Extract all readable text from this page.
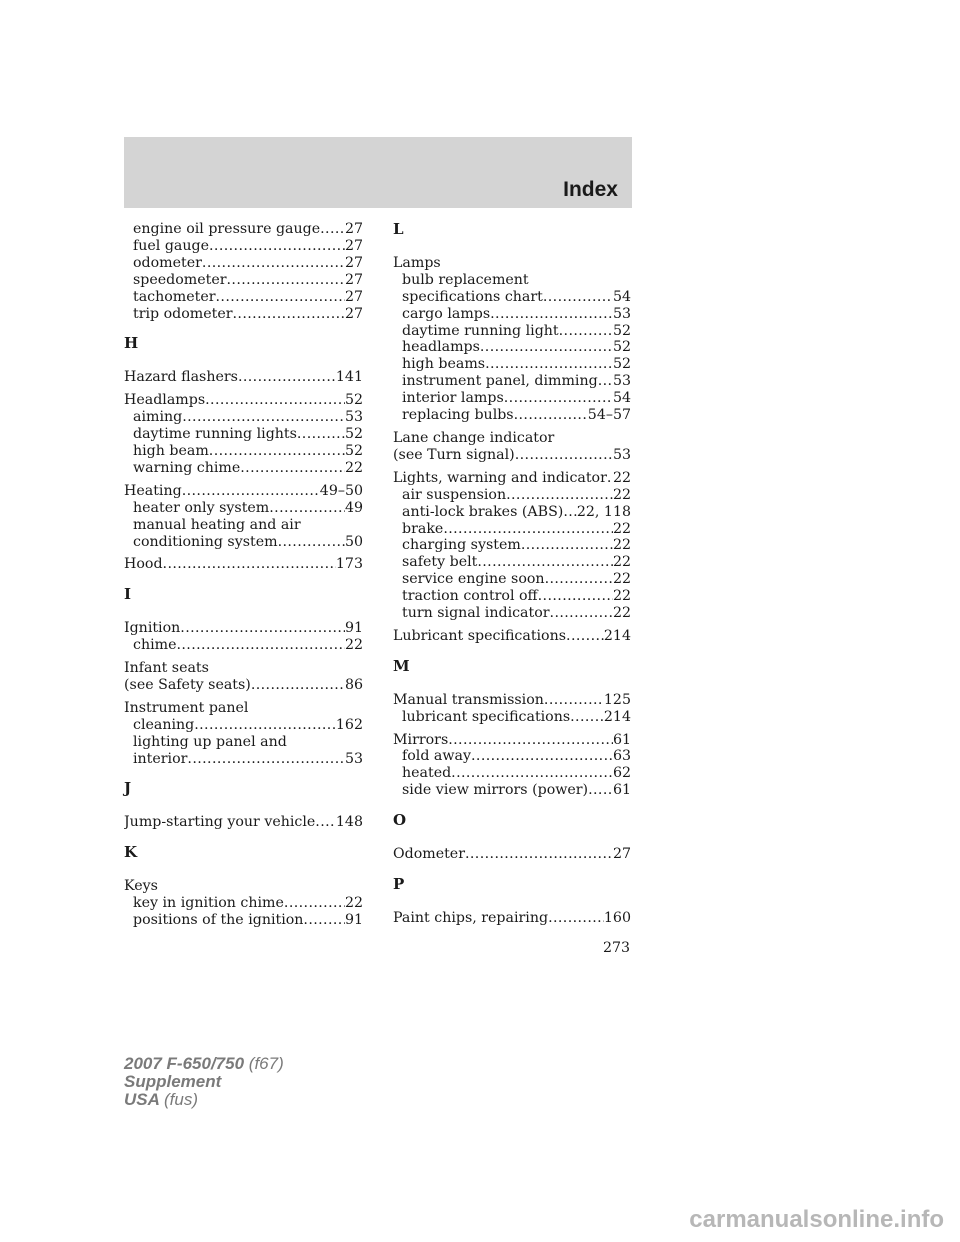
Index
engine oil pressure gauge ..... 27
fuel gauge .....	27
odometer .....	27
speedometer .....	27
tachometer .....	27
trip odometer .....	27
H
Hazard flashers .....	141
Headlamps .....	52
aiming .....	53
daytime running lights .....	52
high beam .....	52
warning chime .....	22
Heating .....	49–50
heater only system .....	49
manual heating and air
conditioning system .....	50
Hood .....	173
I
Ignition .....	91
chime .....	22
Infant seats
(see Safety seats) .....	86
Instrument panel
cleaning .....	162
lighting up panel and
interior .....	53
J
Jump-starting your vehicle ..... 148
K
Keys
key in ignition chime .....	22
positions of the ignition .....	91
L
Lamps
bulb replacement
specifications chart .....	54
cargo lamps .....	53
daytime running light .....	52
headlamps .....	52
high beams .....	52
instrument panel, dimming ..... 53
interior lamps .....	54
replacing bulbs .....	54–57
Lane change indicator
(see Turn signal) .....	53
Lights, warning and indicator ..... 22
air suspension .....	22
anti-lock brakes (ABS) ..... 22, 118
brake .....	22
charging system .....	22
safety belt .....	22
service engine soon .....	22
traction control off .....	22
turn signal indicator .....	22
Lubricant specifications .....	214
M
Manual transmission .....	125
lubricant specifications ..... 214
Mirrors .....	61
fold away .....	63
heated .....	62
side view mirrors (power) ..... 61
O
Odometer .....	27
P
Paint chips, repairing .....	160
273
2007 F-650/750 (f67)
Supplement
USA (fus)
carmanualsonline.info
